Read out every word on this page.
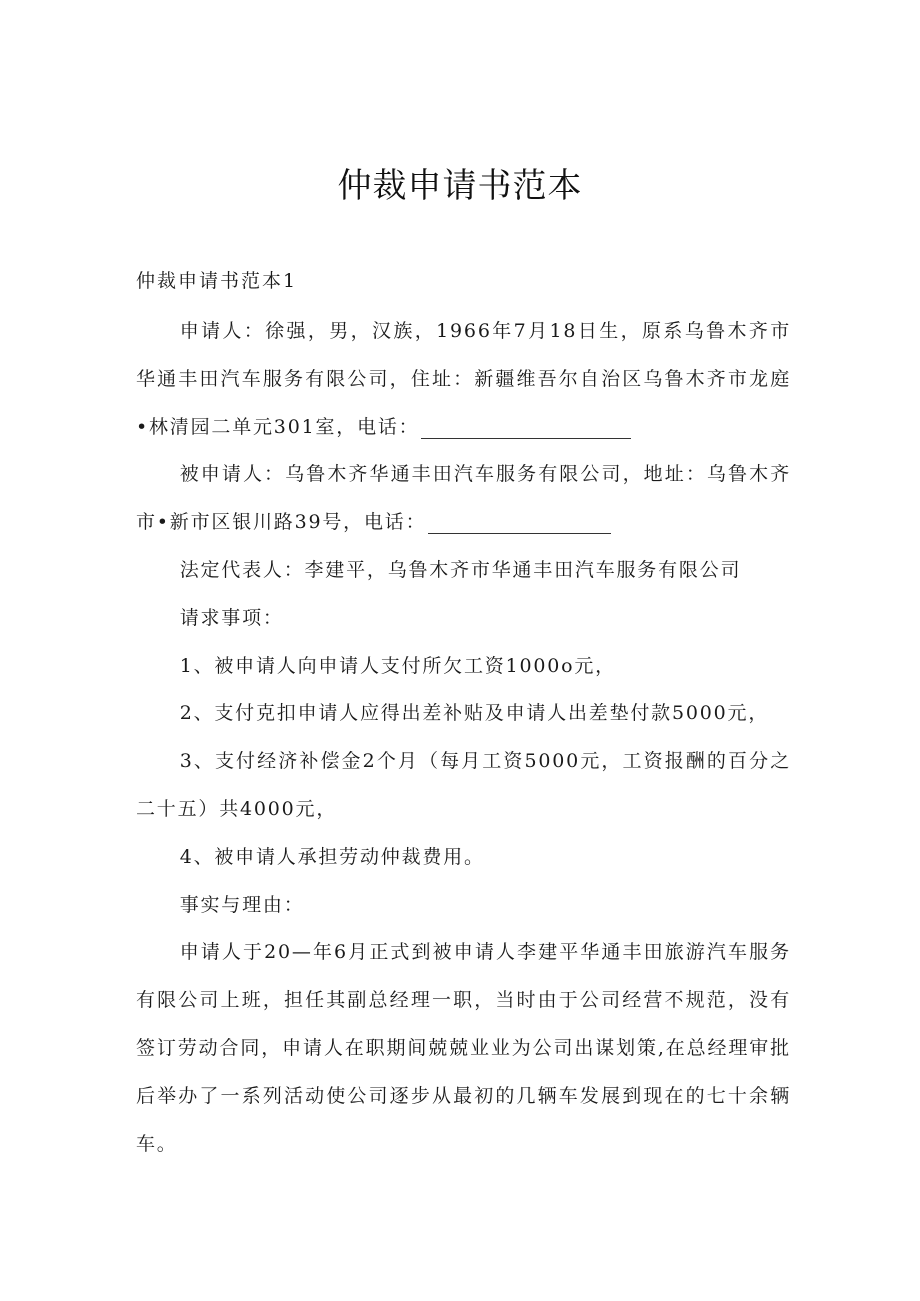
仲裁申请书范本

仲裁申请书范本1

申请人：徐强，男，汉族，1966年7月18日生，原系乌鲁木齐市华通丰田汽车服务有限公司，住址：新疆维吾尔自治区乌鲁木齐市龙庭•林清园二单元301室，电话：

被申请人：乌鲁木齐华通丰田汽车服务有限公司，地址：乌鲁木齐市•新市区银川路39号，电话：

法定代表人：李建平，乌鲁木齐市华通丰田汽车服务有限公司

请求事项：

1、被申请人向申请人支付所欠工资1000o元，

2、支付克扣申请人应得出差补贴及申请人出差垫付款5000元，

3、支付经济补偿金2个月（每月工资5000元，工资报酬的百分之二十五）共4000元，

4、被申请人承担劳动仲裁费用。

事实与理由：

申请人于20—年6月正式到被申请人李建平华通丰田旅游汽车服务有限公司上班，担任其副总经理一职，当时由于公司经营不规范，没有签订劳动合同，申请人在职期间兢兢业业为公司出谋划策,在总经理审批后举办了一系列活动使公司逐步从最初的几辆车发展到现在的七十余辆车。
